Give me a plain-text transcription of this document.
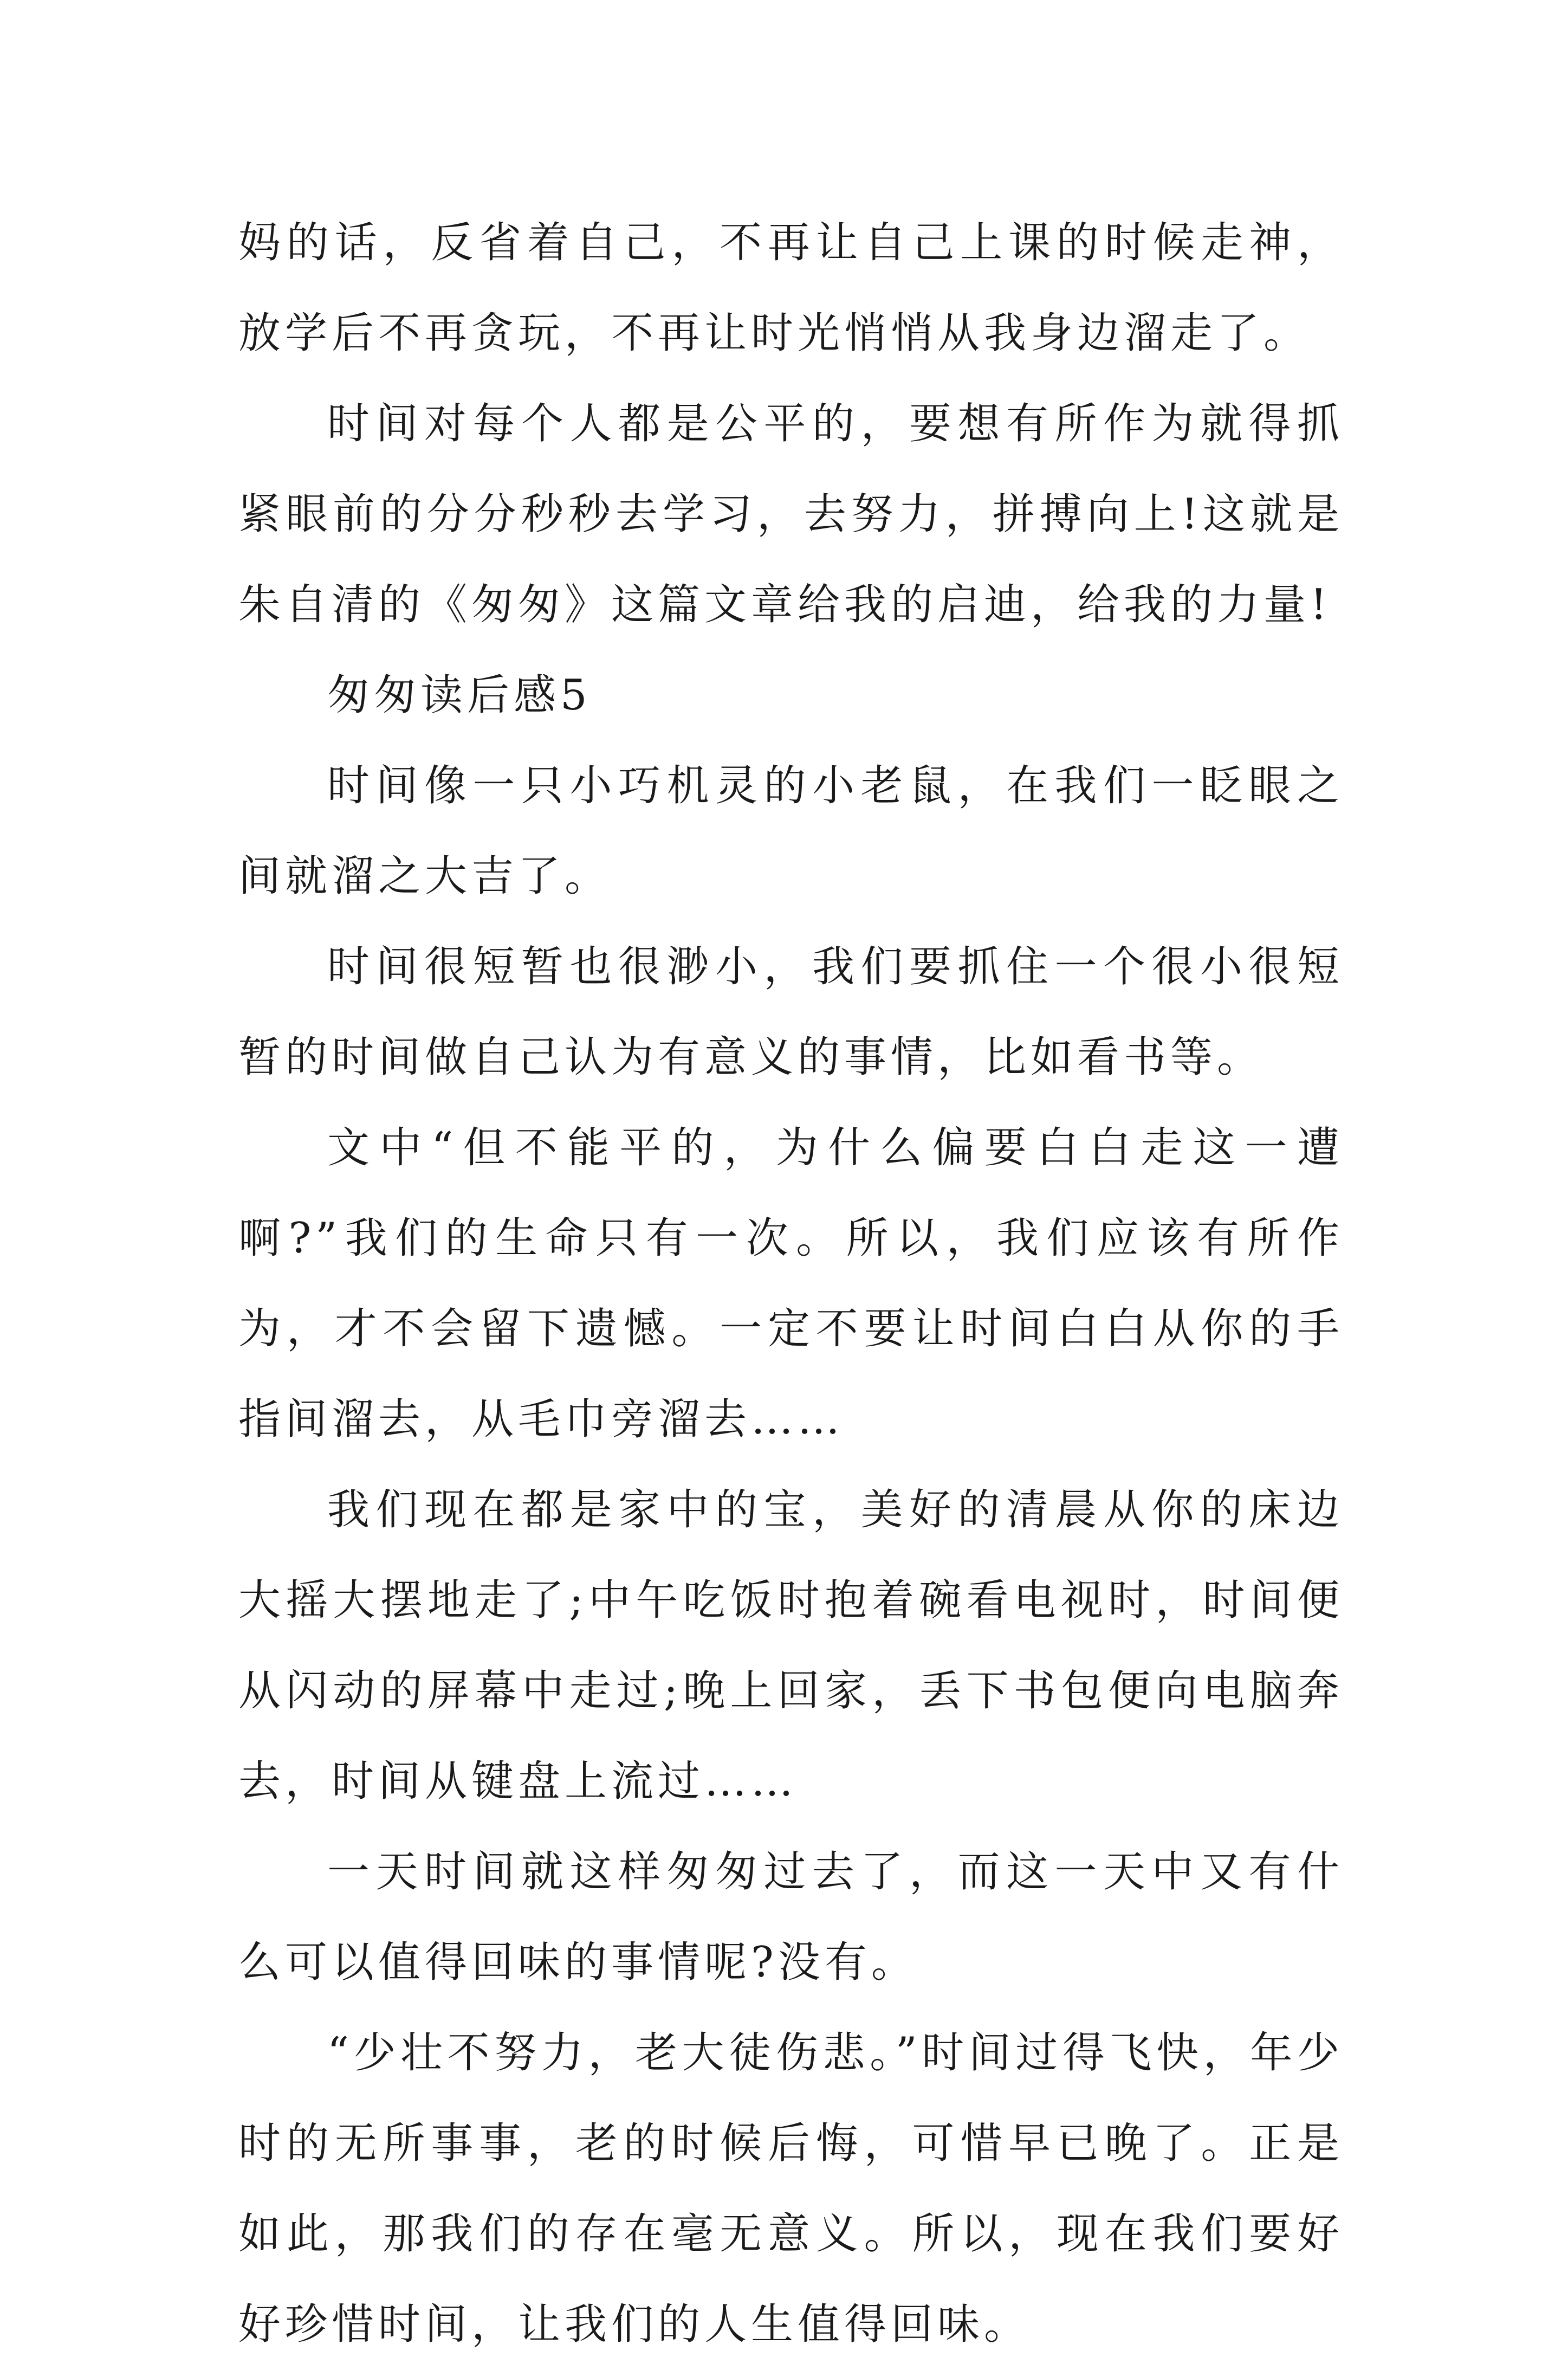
妈的话，反省着自己，不再让自己上课的时候走神，放学后不再贪玩，不再让时光悄悄从我身边溜走了。

时间对每个人都是公平的，要想有所作为就得抓紧眼前的分分秒秒去学习，去努力，拼搏向上!这就是朱自清的《匆匆》这篇文章给我的启迪，给我的力量!

匆匆读后感5

时间像一只小巧机灵的小老鼠，在我们一眨眼之间就溜之大吉了。

时间很短暂也很渺小，我们要抓住一个很小很短暂的时间做自己认为有意义的事情，比如看书等。

文中“但不能平的，为什么偏要白白走这一遭啊?”我们的生命只有一次。所以，我们应该有所作为，才不会留下遗憾。一定不要让时间白白从你的手指间溜去，从毛巾旁溜去……

我们现在都是家中的宝，美好的清晨从你的床边大摇大摆地走了;中午吃饭时抱着碗看电视时，时间便从闪动的屏幕中走过;晚上回家，丢下书包便向电脑奔去，时间从键盘上流过……

一天时间就这样匆匆过去了，而这一天中又有什么可以值得回味的事情呢?没有。

“少壮不努力，老大徒伤悲。”时间过得飞快，年少时的无所事事，老的时候后悔，可惜早已晚了。正是如此，那我们的存在毫无意义。所以，现在我们要好好珍惜时间，让我们的人生值得回味。
